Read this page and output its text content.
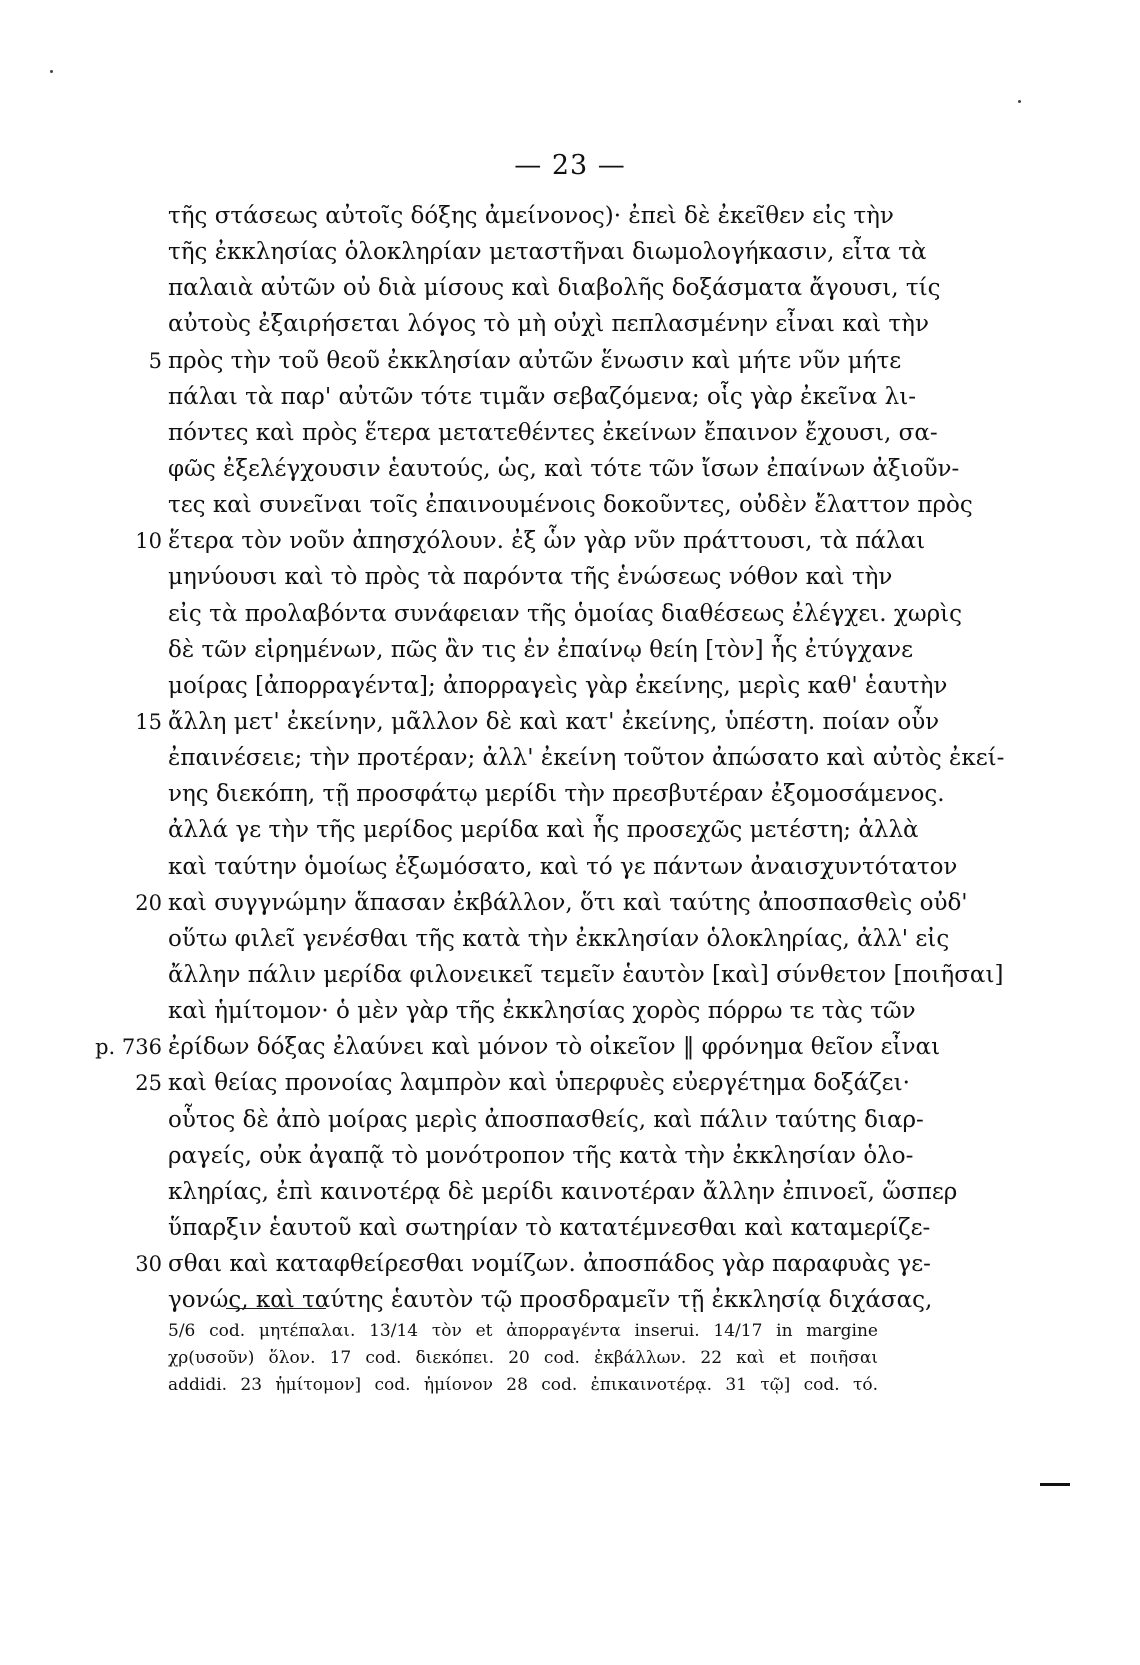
— 23 —
τῆς στάσεως αὐτοῖς δόξης ἀμείνονος)· ἐπεὶ δὲ ἐκεῖθεν εἰς τὴν
τῆς ἐκκλησίας ὁλοκληρίαν μεταστῆναι διωμολογήκασιν, εἶτα τὰ
παλαιὰ αὐτῶν οὐ διὰ μίσους καὶ διαβολῆς δοξάσματα ἄγουσι, τίς
αὐτοὺς ἐξαιρήσεται λόγος τὸ μὴ οὐχὶ πεπλασμένην εἶναι καὶ τὴν
5 πρὸς τὴν τοῦ θεοῦ ἐκκλησίαν αὐτῶν ἕνωσιν καὶ μήτε νῦν μήτε
πάλαι τὰ παρ' αὐτῶν τότε τιμᾶν σεβαζόμενα; οἷς γὰρ ἐκεῖνα λι-
πόντες καὶ πρὸς ἕτερα μετατεθέντες ἐκείνων ἔπαινον ἔχουσι, σα-
φῶς ἐξελέγχουσιν ἑαυτούς, ὡς, καὶ τότε τῶν ἴσων ἐπαίνων ἀξιοῦν-
τες καὶ συνεῖναι τοῖς ἐπαινουμένοις δοκοῦντες, οὐδὲν ἔλαττον πρὸς
10 ἕτερα τὸν νοῦν ἀπησχόλουν. ἐξ ὧν γὰρ νῦν πράττουσι, τὰ πάλαι
μηνύουσι καὶ τὸ πρὸς τὰ παρόντα τῆς ἑνώσεως νόθον καὶ τὴν
εἰς τὰ προλαβόντα συνάφειαν τῆς ὁμοίας διαθέσεως ἐλέγχει. χωρὶς
δὲ τῶν εἰρημένων, πῶς ἂν τις ἐν ἐπαίνῳ θείη [τὸν] ἧς ἐτύγχανε
μοίρας [ἀπορραγέντα]; ἀπορραγεὶς γὰρ ἐκείνης, μερὶς καθ' ἑαυτὴν
15 ἄλλη μετ' ἐκείνην, μᾶλλον δὲ καὶ κατ' ἐκείνης, ὑπέστη. ποίαν οὖν
ἐπαινέσειε; τὴν προτέραν; ἀλλ' ἐκείνη τοῦτον ἀπώσατο καὶ αὐτὸς ἐκεί-
νης διεκόπη, τῇ προσφάτῳ μερίδι τὴν πρεσβυτέραν ἐξομοσάμενος.
ἀλλά γε τὴν τῆς μερίδος μερίδα καὶ ἧς προσεχῶς μετέστη; ἀλλὰ
καὶ ταύτην ὁμοίως ἐξωμόσατο, καὶ τό γε πάντων ἀναισχυντότατον
20 καὶ συγγνώμην ἅπασαν ἐκβάλλον, ὅτι καὶ ταύτης ἀποσπασθεὶς οὐδ'
οὕτω φιλεῖ γενέσθαι τῆς κατὰ τὴν ἐκκλησίαν ὁλοκληρίας, ἀλλ' εἰς
ἄλλην πάλιν μερίδα φιλονεικεῖ τεμεῖν ἑαυτὸν [καὶ] σύνθετον [ποιῆσαι]
καὶ ἡμίτομον· ὁ μὲν γὰρ τῆς ἐκκλησίας χορὸς πόρρω τε τὰς τῶν
p. 736 ἐρίδων δόξας ἐλαύνει καὶ μόνον τὸ οἰκεῖον ‖ φρόνημα θεῖον εἶναι
25 καὶ θείας προνοίας λαμπρὸν καὶ ὑπερφυὲς εὐεργέτημα δοξάζει·
οὗτος δὲ ἀπὸ μοίρας μερὶς ἀποσπασθείς, καὶ πάλιν ταύτης διαρ-
ραγείς, οὐκ ἀγαπᾷ τὸ μονότροπον τῆς κατὰ τὴν ἐκκλησίαν ὁλο-
κληρίας, ἐπὶ καινοτέρᾳ δὲ μερίδι καινοτέραν ἄλλην ἐπινοεῖ, ὥσπερ
ὕπαρξιν ἑαυτοῦ καὶ σωτηρίαν τὸ κατατέμνεσθαι καὶ καταμερίζε-
30 σθαι καὶ καταφθείρεσθαι νομίζων. ἀποσπάδος γὰρ παραφυὰς γε-
γονώς, καὶ ταύτης ἑαυτὸν τῷ προσδραμεῖν τῇ ἐκκλησίᾳ διχάσας,
5/6 cod. μητέπαλαι. 13/14 τὸν et ἀπορραγέντα inserui. 14/17 in margine
χρ(υσοῦν) ὅλον. 17 cod. διεκόπει. 20 cod. ἐκβάλλων. 22 καὶ et ποιῆσαι
addidi. 23 ἡμίτομον] cod. ἡμίονον 28 cod. ἐπικαινοτέρᾳ. 31 τῷ] cod. τό.
